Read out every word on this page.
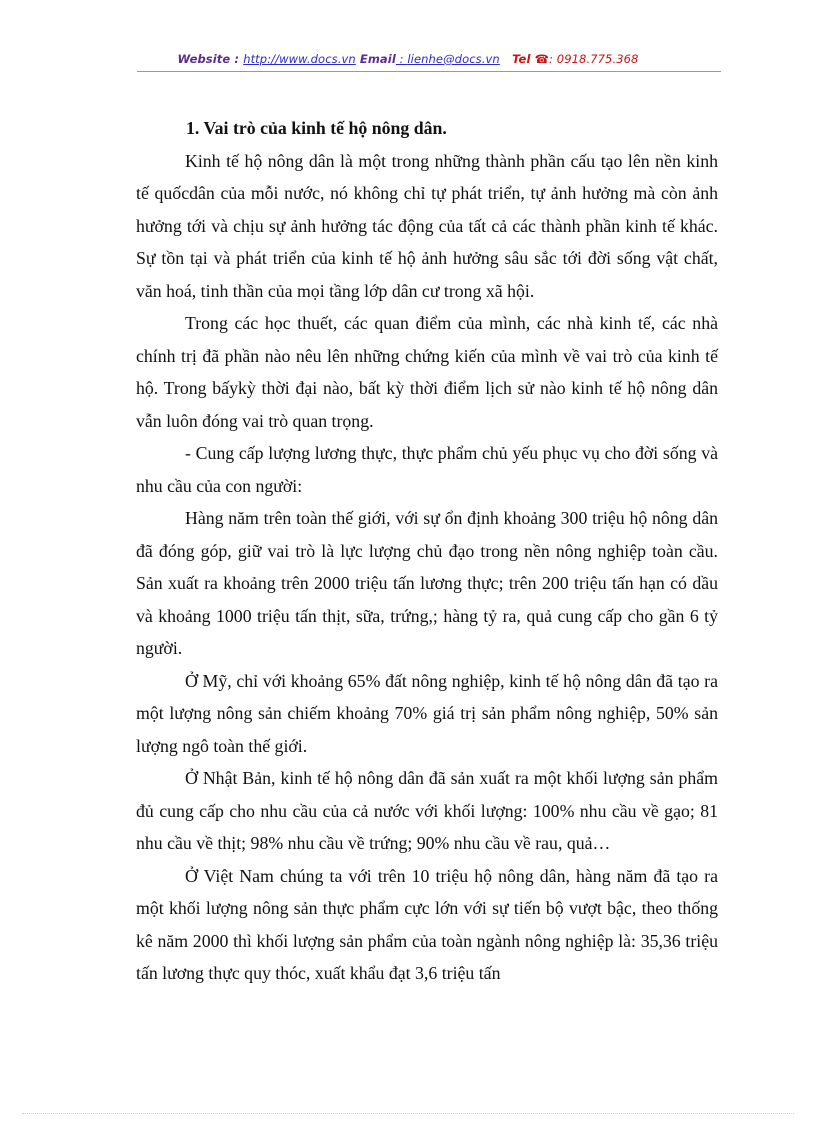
Website : http://www.docs.vn Email : lienhe@docs.vn Tel ☎: 0918.775.368

1. Vai trò của kinh tế hộ nông dân.

Kinh tế hộ nông dân là một trong những thành phần cấu tạo lên nền kinh tế quốcdân của mỗi nước, nó không chỉ tự phát triển, tự ảnh hưởng mà còn ảnh hưởng tới và chịu sự ảnh hưởng tác động của tất cả các thành phần kinh tế khác. Sự tồn tại và phát triển của kinh tế hộ ảnh hưởng sâu sắc tới đời sống vật chất, văn hoá, tinh thần của mọi tầng lớp dân cư trong xã hội.

Trong các học thuết, các quan điểm của mình, các nhà kinh tế, các nhà chính trị đã phần nào nêu lên những chứng kiến của mình về vai trò của kinh tế hộ. Trong bấykỳ thời đại nào, bất kỳ thời điểm lịch sử nào kinh tế hộ nông dân vẫn luôn đóng vai trò quan trọng.

- Cung cấp lượng lương thực, thực phẩm chủ yếu phục vụ cho đời sống và nhu cầu của con người:

Hàng năm trên toàn thế giới, với sự ổn định khoảng 300 triệu hộ nông dân đã đóng góp, giữ vai trò là lực lượng chủ đạo trong nền nông nghiệp toàn cầu. Sản xuất ra khoảng trên 2000 triệu tấn lương thực; trên 200 triệu tấn hạn có dầu và khoảng 1000 triệu tấn thịt, sữa, trứng,; hàng tỷ ra, quả cung cấp cho gần 6 tỷ người.

Ở Mỹ, chỉ với khoảng 65% đất nông nghiệp, kinh tế hộ nông dân đã tạo ra một lượng nông sản chiếm khoảng 70% giá trị sản phẩm nông nghiệp, 50% sản lượng ngô toàn thế giới.

Ở Nhật Bản, kinh tế hộ nông dân đã sản xuất ra một khối lượng sản phẩm đủ cung cấp cho nhu cầu của cả nước với khối lượng: 100% nhu cầu về gạo; 81 nhu cầu về thịt; 98% nhu cầu về trứng; 90% nhu cầu về rau, quả…

Ở Việt Nam chúng ta với trên 10 triệu hộ nông dân, hàng năm đã tạo ra một khối lượng nông sản thực phẩm cực lớn với sự tiến bộ vượt bậc, theo thống kê năm 2000 thì khối lượng sản phẩm của toàn ngành nông nghiệp là: 35,36 triệu tấn lương thực quy thóc, xuất khẩu đạt 3,6 triệu tấn
